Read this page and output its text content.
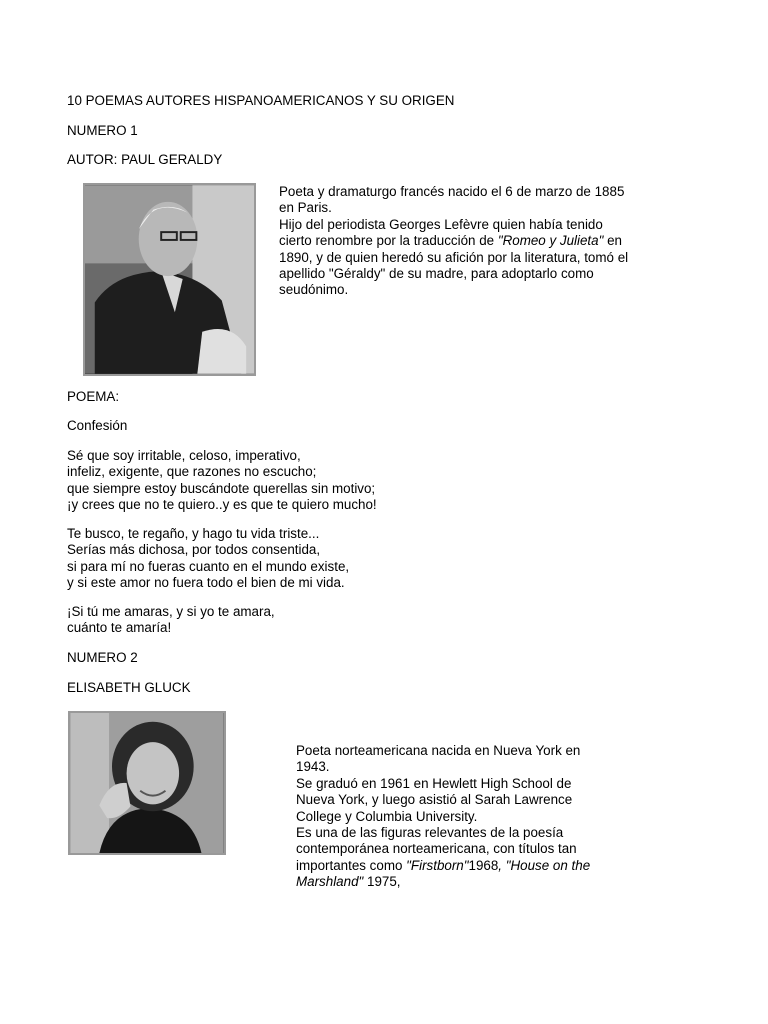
10 POEMAS AUTORES HISPANOAMERICANOS Y SU ORIGEN
NUMERO 1
AUTOR: PAUL GERALDY

Poeta y dramaturgo francés nacido el 6 de marzo de 1885

en Paris.

Hijo del periodista Georges Lefèvre quien había tenido

cierto renombre por la traducción de "Romeo y Julieta" en

1890, y de quien heredó su afición por la literatura, tomó el

apellido "Géraldy" de su madre, para adoptarlo como

seudónimo.

POEMA:
Confesión

Sé que soy irritable, celoso, imperativo,

infeliz, exigente, que razones no escucho;

que siempre estoy buscándote querellas sin motivo;

¡y crees que no te quiero..y es que te quiero mucho!

Te busco, te regaño, y hago tu vida triste...

Serías más dichosa, por todos consentida,

si para mí no fueras cuanto en el mundo existe,

y si este amor no fuera todo el bien de mi vida.

¡Si tú me amaras, y si yo te amara,

cuánto te amaría!

NUMERO 2
ELISABETH GLUCK

Poeta norteamericana nacida en Nueva York en

1943.

Se graduó en 1961 en Hewlett High School de

Nueva York, y luego asistió al Sarah Lawrence

College y Columbia University.

Es una de las figuras relevantes de la poesía

contemporánea norteamericana, con títulos tan

importantes como "Firstborn"1968, "House on the

Marshland" 1975,
